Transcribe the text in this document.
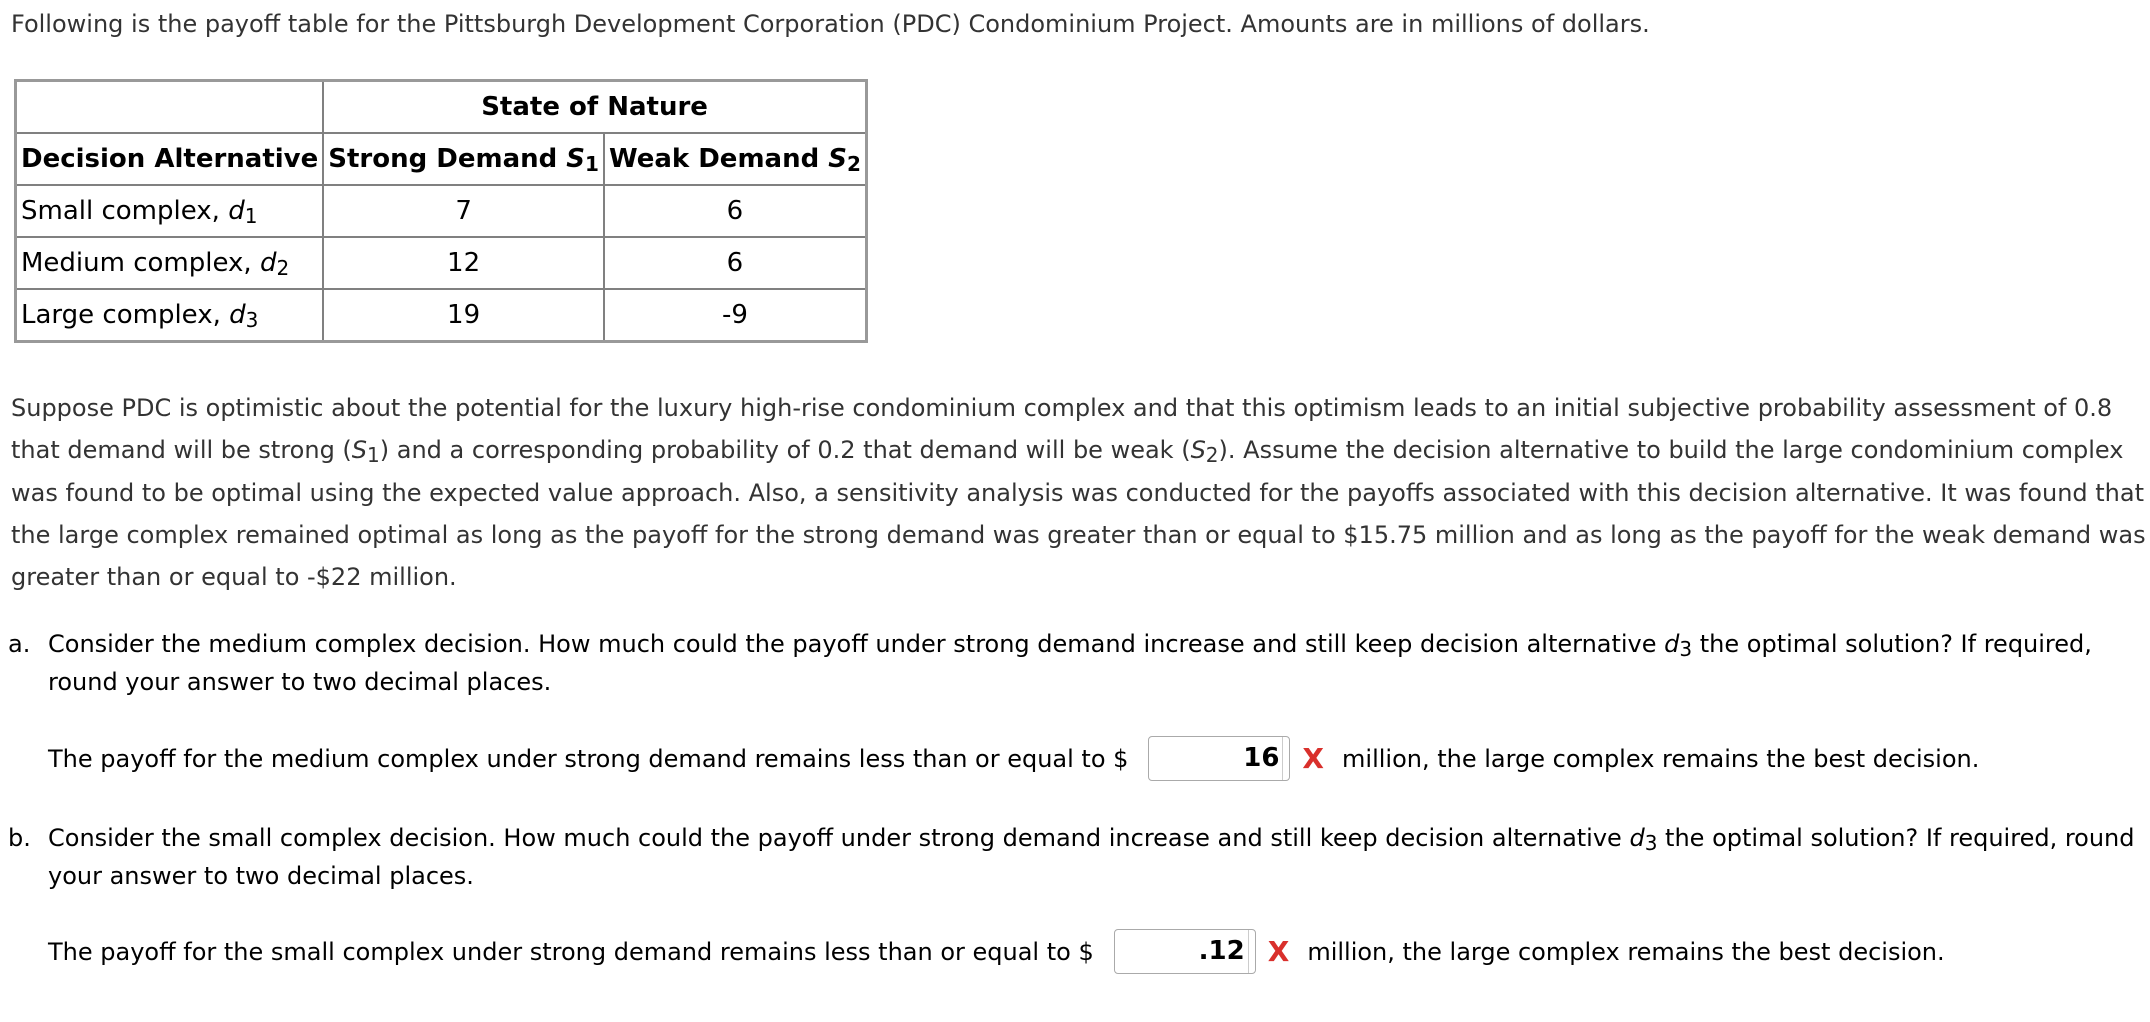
Following is the payoff table for the Pittsburgh Development Corporation (PDC) Condominium Project. Amounts are in millions of dollars.

	State of Nature	
Decision Alternative	Strong Demand S1	Weak Demand S2
Small complex, d1	7	6
Medium complex, d2	12	6
Large complex, d3	19	-9

Suppose PDC is optimistic about the potential for the luxury high-rise condominium complex and that this optimism leads to an initial subjective probability assessment of 0.8 that demand will be strong (S1) and a corresponding probability of 0.2 that demand will be weak (S2). Assume the decision alternative to build the large condominium complex was found to be optimal using the expected value approach. Also, a sensitivity analysis was conducted for the payoffs associated with this decision alternative. It was found that the large complex remained optimal as long as the payoff for the strong demand was greater than or equal to $15.75 million and as long as the payoff for the weak demand was greater than or equal to -$22 million.

a. Consider the medium complex decision. How much could the payoff under strong demand increase and still keep decision alternative d3 the optimal solution? If required, round your answer to two decimal places.
The payoff for the medium complex under strong demand remains less than or equal to $	16 X million, the large complex remains the best decision.
b. Consider the small complex decision. How much could the payoff under strong demand increase and still keep decision alternative d3 the optimal solution? If required, round your answer to two decimal places.
The payoff for the small complex under strong demand remains less than or equal to $	.12 X million, the large complex remains the best decision.
